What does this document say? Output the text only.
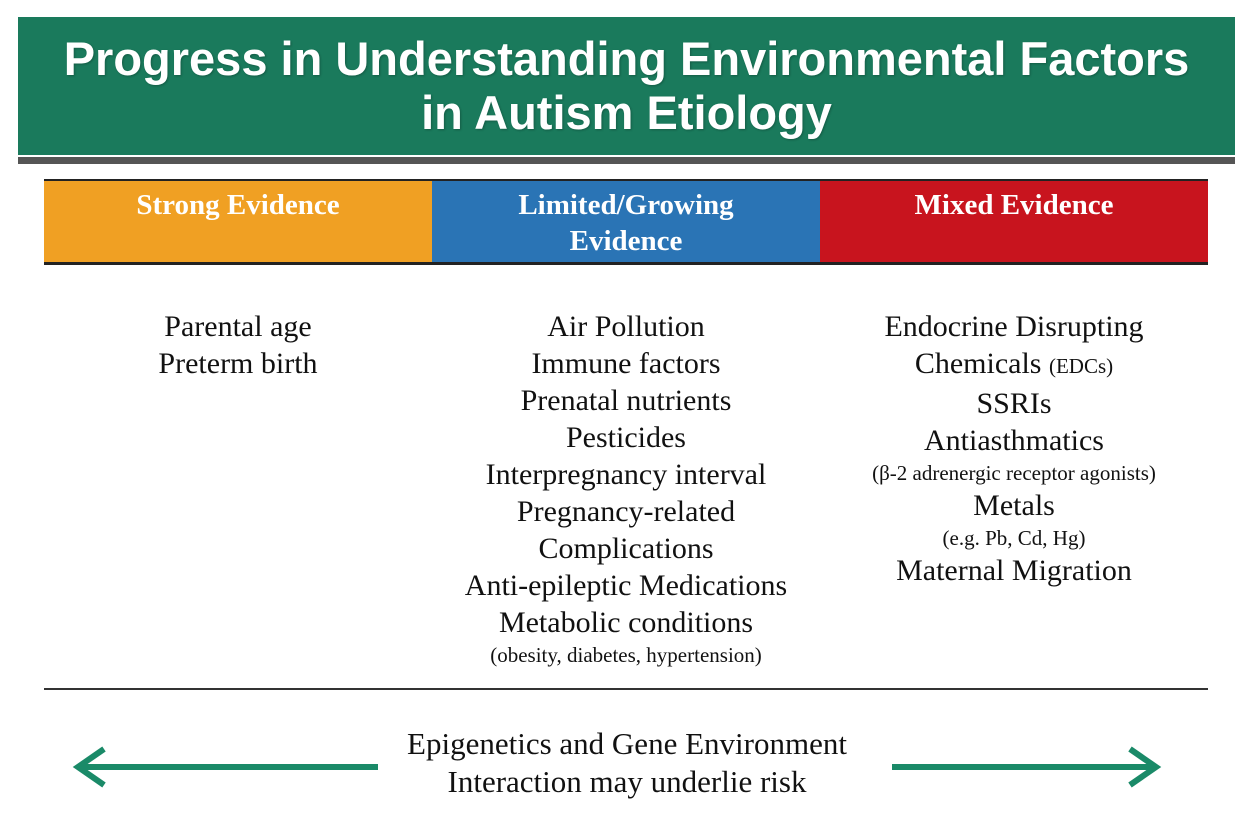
Progress in Understanding Environmental Factors
in Autism Etiology
Strong Evidence	Limited/Growing
Evidence
Mixed Evidence
Parental age
Preterm birth
Air Pollution
Immune factors
Prenatal nutrients
Pesticides
Interpregnancy interval
Pregnancy-related
Complications
Anti-epileptic Medications
Metabolic conditions
(obesity, diabetes, hypertension)
Endocrine Disrupting
Chemicals (EDCs)
SSRIs
Antiasthmatics
(β-2 adrenergic receptor agonists)
Metals
(e.g. Pb, Cd, Hg)
Maternal Migration
Epigenetics and Gene Environment
Interaction may underlie risk
